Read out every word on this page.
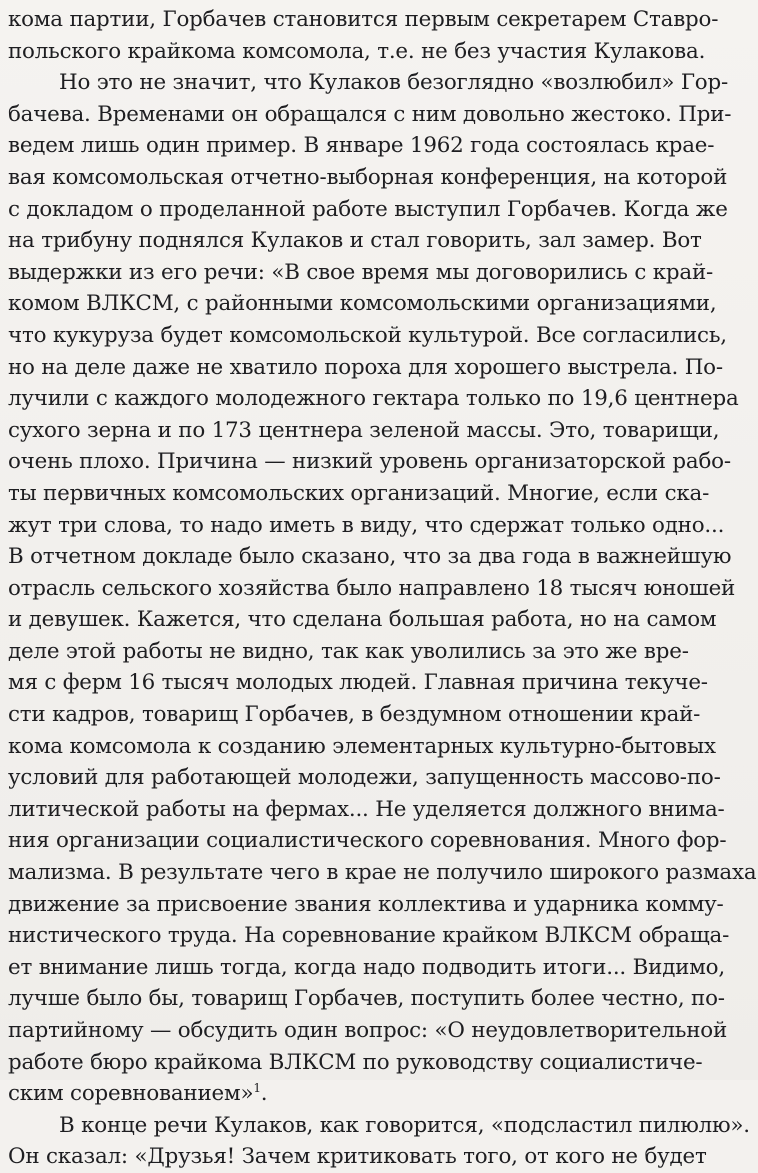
кома партии, Горбачев становится первым секретарем Ставро-
польского крайкома комсомола, т.е. не без участия Кулакова.
Но это не значит, что Кулаков безоглядно «возлюбил» Гор-
бачева. Временами он обращался с ним довольно жестоко. При-
ведем лишь один пример. В январе 1962 года состоялась крае-
вая комсомольская отчетно-выборная конференция, на которой
с докладом о проделанной работе выступил Горбачев. Когда же
на трибуну поднялся Кулаков и стал говорить, зал замер. Вот
выдержки из его речи: «В свое время мы договорились с край-
комом ВЛКСМ, с районными комсомольскими организациями,
что кукуруза будет комсомольской культурой. Все согласились,
но на деле даже не хватило пороха для хорошего выстрела. По-
лучили с каждого молодежного гектара только по 19,6 центнера
сухого зерна и по 173 центнера зеленой массы. Это, товарищи,
очень плохо. Причина — низкий уровень организаторской рабо-
ты первичных комсомольских организаций. Многие, если ска-
жут три слова, то надо иметь в виду, что сдержат только одно...
В отчетном докладе было сказано, что за два года в важнейшую
отрасль сельского хозяйства было направлено 18 тысяч юношей
и девушек. Кажется, что сделана большая работа, но на самом
деле этой работы не видно, так как уволились за это же вре-
мя с ферм 16 тысяч молодых людей. Главная причина текуче-
сти кадров, товарищ Горбачев, в бездумном отношении край-
кома комсомола к созданию элементарных культурно-бытовых
условий для работающей молодежи, запущенность массово-по-
литической работы на фермах... Не уделяется должного внима-
ния организации социалистического соревнования. Много фор-
мализма. В результате чего в крае не получило широкого размаха
движение за присвоение звания коллектива и ударника комму-
нистического труда. На соревнование крайком ВЛКСМ обраща-
ет внимание лишь тогда, когда надо подводить итоги... Видимо,
лучше было бы, товарищ Горбачев, поступить более честно, по-
партийному — обсудить один вопрос: «О неудовлетворительной
работе бюро крайкома ВЛКСМ по руководству социалистиче-
ским соревнованием»$^1$.
В конце речи Кулаков, как говорится, «подсластил пилюлю».
Он сказал: «Друзья! Зачем критиковать того, от кого не будет
